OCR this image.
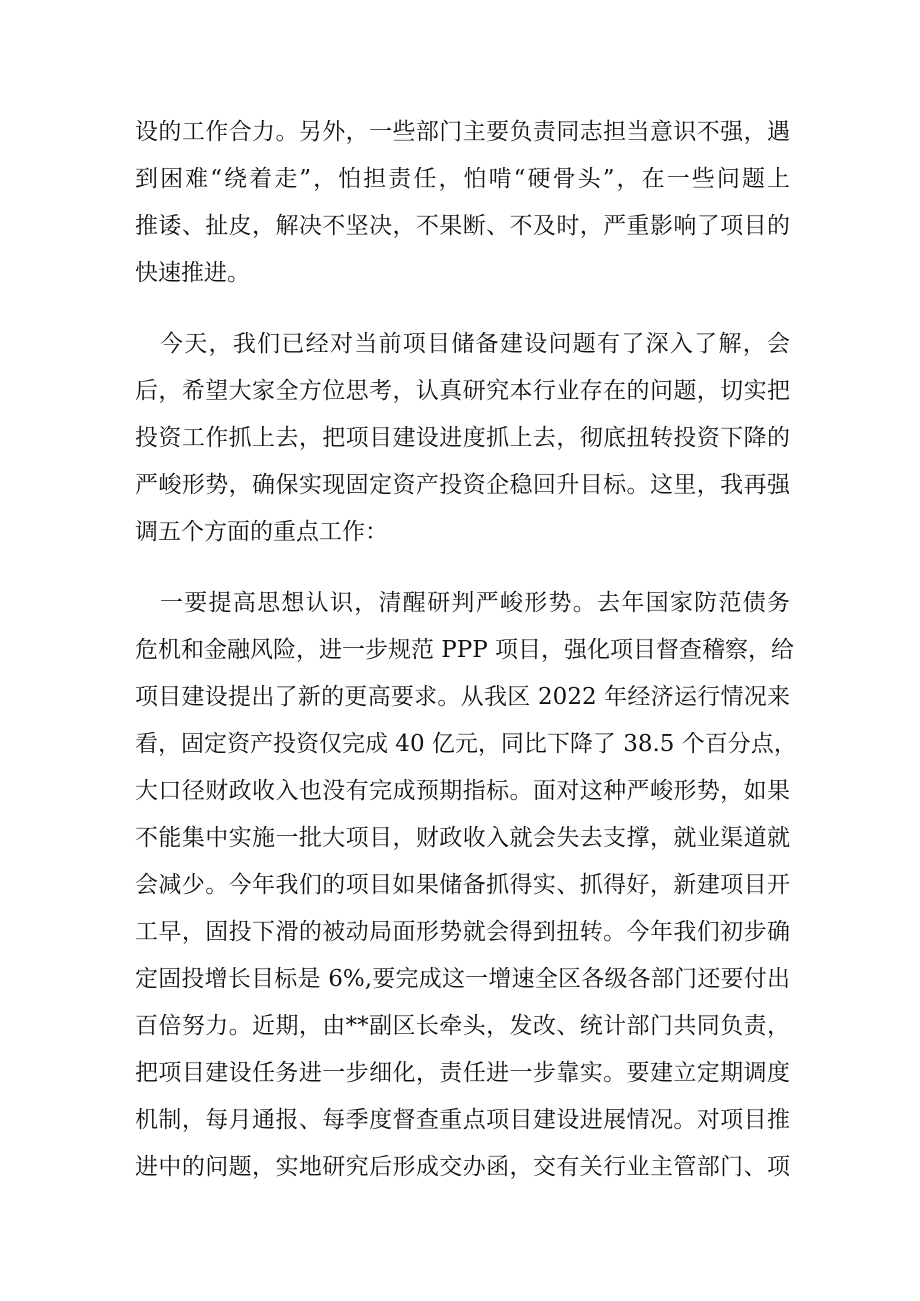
设的工作合力。另外，一些部门主要负责同志担当意识不强，遇
到困难“绕着走”，怕担责任，怕啃“硬骨头”，在一些问题上
推诿、扯皮，解决不坚决，不果断、不及时，严重影响了项目的
快速推进。
今天，我们已经对当前项目储备建设问题有了深入了解，会
后，希望大家全方位思考，认真研究本行业存在的问题，切实把
投资工作抓上去，把项目建设进度抓上去，彻底扭转投资下降的
严峻形势，确保实现固定资产投资企稳回升目标。这里，我再强
调五个方面的重点工作：
一要提高思想认识，清醒研判严峻形势。去年国家防范债务
危机和金融风险，进一步规范 PPP 项目，强化项目督查稽察，给
项目建设提出了新的更高要求。从我区 2022 年经济运行情况来
看，固定资产投资仅完成 40 亿元，同比下降了 38.5 个百分点，
大口径财政收入也没有完成预期指标。面对这种严峻形势，如果
不能集中实施一批大项目，财政收入就会失去支撑，就业渠道就
会减少。今年我们的项目如果储备抓得实、抓得好，新建项目开
工早，固投下滑的被动局面形势就会得到扭转。今年我们初步确
定固投增长目标是 6%,要完成这一增速全区各级各部门还要付出
百倍努力。近期，由**副区长牵头，发改、统计部门共同负责，
把项目建设任务进一步细化，责任进一步靠实。要建立定期调度
机制，每月通报、每季度督查重点项目建设进展情况。对项目推
进中的问题，实地研究后形成交办函，交有关行业主管部门、项
